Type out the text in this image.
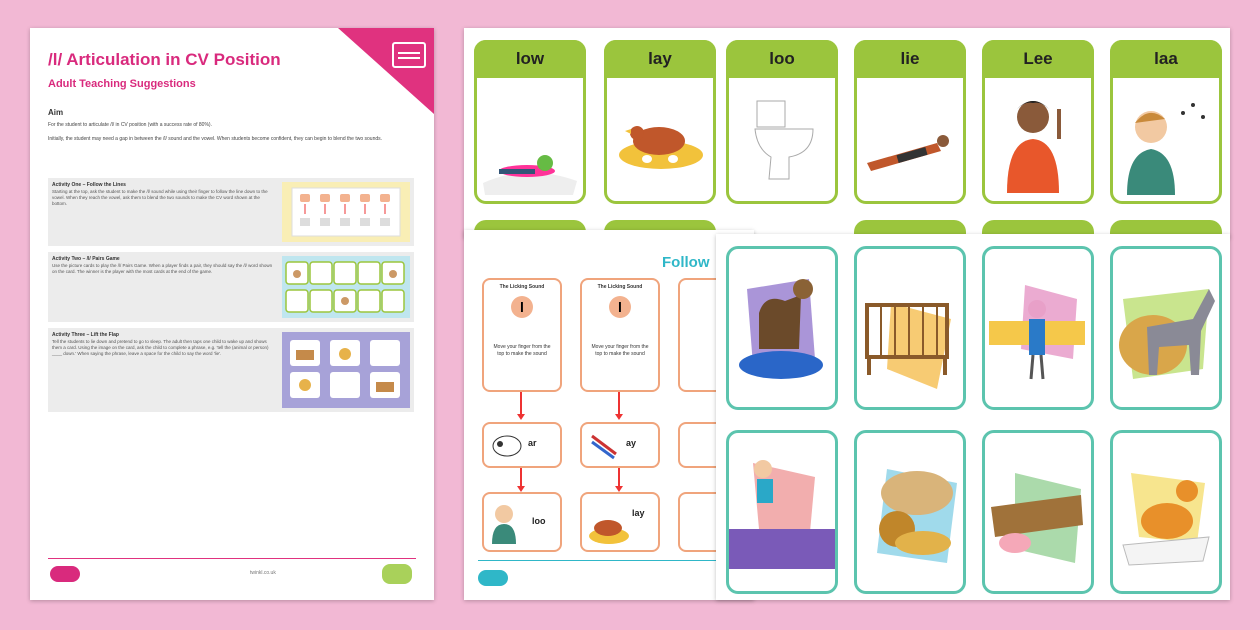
/l/ Articulation in CV Position
Adult Teaching Suggestions
Aim
For the student to articulate /l/ in CV position (with a success rate of 80%).
Initially, the student may need a gap in between the /l/ sound and the vowel. When students become confident, they can begin to blend the two sounds.
Activity One – Follow the Lines
Starting at the top, ask the student to make the /l/ sound while using their finger to follow the line down to the vowel. When they reach the vowel, ask them to blend the two sounds to make the CV word shown at the bottom.
Activity Two – /l/ Pairs Game
Use the picture cards to play the /l/ Pairs Game. When a player finds a pair, they should say the /l/ word shown on the card. The winner is the player with the most cards at the end of the game.
Activity Three – Lift the Flap
Tell the students to lie down and pretend to go to sleep. The adult then taps one child to wake up and shows them a card. Using the image on the card, ask the child to complete a phrase, e.g. 'tell the (animal or person) ____ down.' When saying the phrase, leave a space for the child to say the word 'lie'.
twinkl.co.uk
low	lay	loo	lie	Lee	laa
Follow
The Licking Sound
l
Move your finger from the top to make the sound
The Licking Sound
l
Move your finger from the top to make the sound
ar	ay
loo
lay
